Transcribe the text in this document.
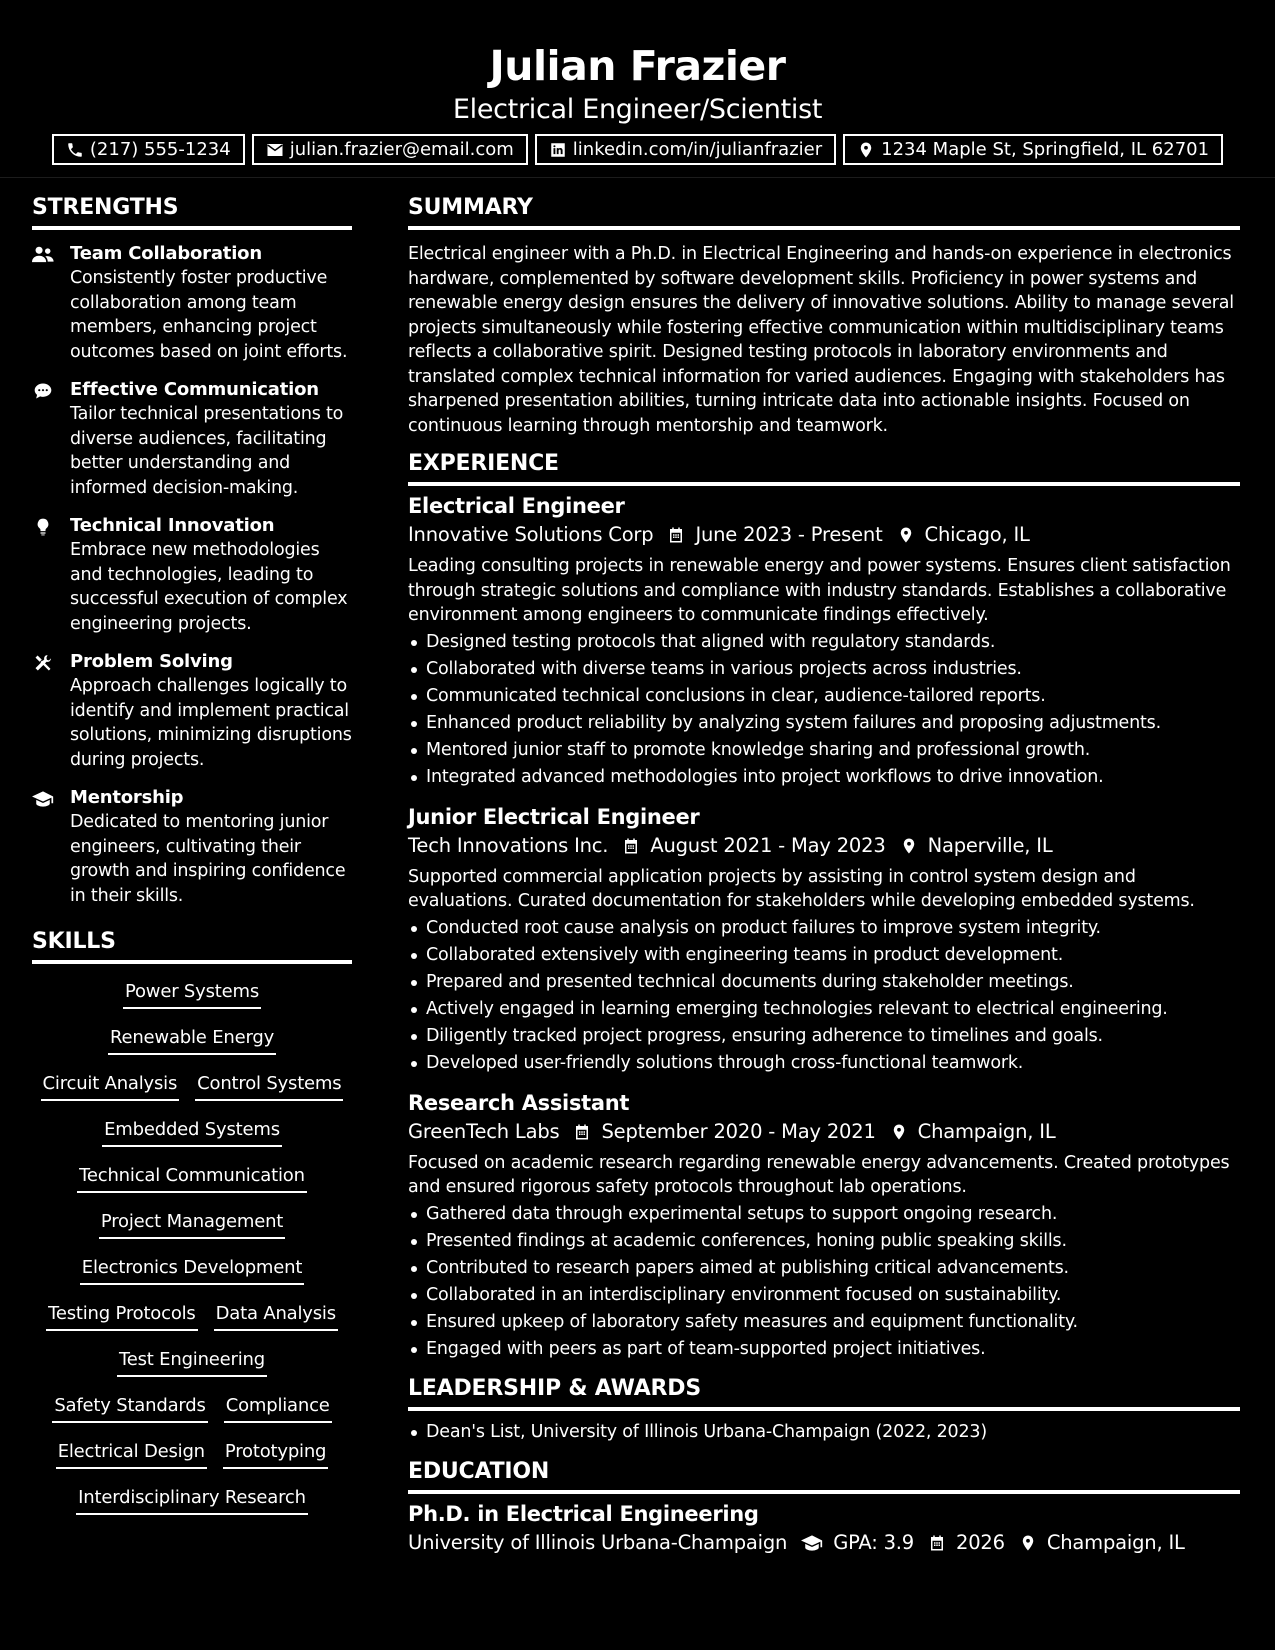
Julian Frazier
Electrical Engineer/Scientist
(217) 555-1234	julian.frazier@email.com	linkedin.com/in/julianfrazier	1234 Maple St, Springfield, IL 62701
STRENGTHS
Team Collaboration
Consistently foster productive collaboration among team members, enhancing project outcomes based on joint efforts.
Effective Communication
Tailor technical presentations to diverse audiences, facilitating better understanding and informed decision-making.
Technical Innovation
Embrace new methodologies and technologies, leading to successful execution of complex engineering projects.
Problem Solving
Approach challenges logically to identify and implement practical solutions, minimizing disruptions during projects.
Mentorship
Dedicated to mentoring junior engineers, cultivating their growth and inspiring confidence in their skills.
SKILLS
Power Systems
Renewable Energy
Circuit Analysis Control Systems
Embedded Systems
Technical Communication
Project Management
Electronics Development
Testing Protocols Data Analysis
Test Engineering
Safety Standards Compliance
Electrical Design Prototyping
Interdisciplinary Research
SUMMARY

Electrical engineer with a Ph.D. in Electrical Engineering and hands-on experience in electronics hardware, complemented by software development skills. Proficiency in power systems and renewable energy design ensures the delivery of innovative solutions. Ability to manage several projects simultaneously while fostering effective communication within multidisciplinary teams reflects a collaborative spirit. Designed testing protocols in laboratory environments and translated complex technical information for varied audiences. Engaging with stakeholders has sharpened presentation abilities, turning intricate data into actionable insights. Focused on continuous learning through mentorship and teamwork.

EXPERIENCE
Electrical Engineer
Innovative Solutions Corp June 2023 - Present Chicago, IL
Leading consulting projects in renewable energy and power systems. Ensures client satisfaction through strategic solutions and compliance with industry standards. Establishes a collaborative environment among engineers to communicate findings effectively.
Designed testing protocols that aligned with regulatory standards.
Collaborated with diverse teams in various projects across industries.
Communicated technical conclusions in clear, audience-tailored reports.
Enhanced product reliability by analyzing system failures and proposing adjustments.
Mentored junior staff to promote knowledge sharing and professional growth.
Integrated advanced methodologies into project workflows to drive innovation.
Junior Electrical Engineer
Tech Innovations Inc. August 2021 - May 2023 Naperville, IL
Supported commercial application projects by assisting in control system design and evaluations. Curated documentation for stakeholders while developing embedded systems.
Conducted root cause analysis on product failures to improve system integrity.
Collaborated extensively with engineering teams in product development.
Prepared and presented technical documents during stakeholder meetings.
Actively engaged in learning emerging technologies relevant to electrical engineering.
Diligently tracked project progress, ensuring adherence to timelines and goals.
Developed user-friendly solutions through cross-functional teamwork.
Research Assistant
GreenTech Labs September 2020 - May 2021 Champaign, IL
Focused on academic research regarding renewable energy advancements. Created prototypes and ensured rigorous safety protocols throughout lab operations.
Gathered data through experimental setups to support ongoing research.
Presented findings at academic conferences, honing public speaking skills.
Contributed to research papers aimed at publishing critical advancements.
Collaborated in an interdisciplinary environment focused on sustainability.
Ensured upkeep of laboratory safety measures and equipment functionality.
Engaged with peers as part of team-supported project initiatives.
LEADERSHIP & AWARDS
Dean's List, University of Illinois Urbana-Champaign (2022, 2023)
EDUCATION
Ph.D. in Electrical Engineering
University of Illinois Urbana-Champaign GPA: 3.9 2026 Champaign, IL
